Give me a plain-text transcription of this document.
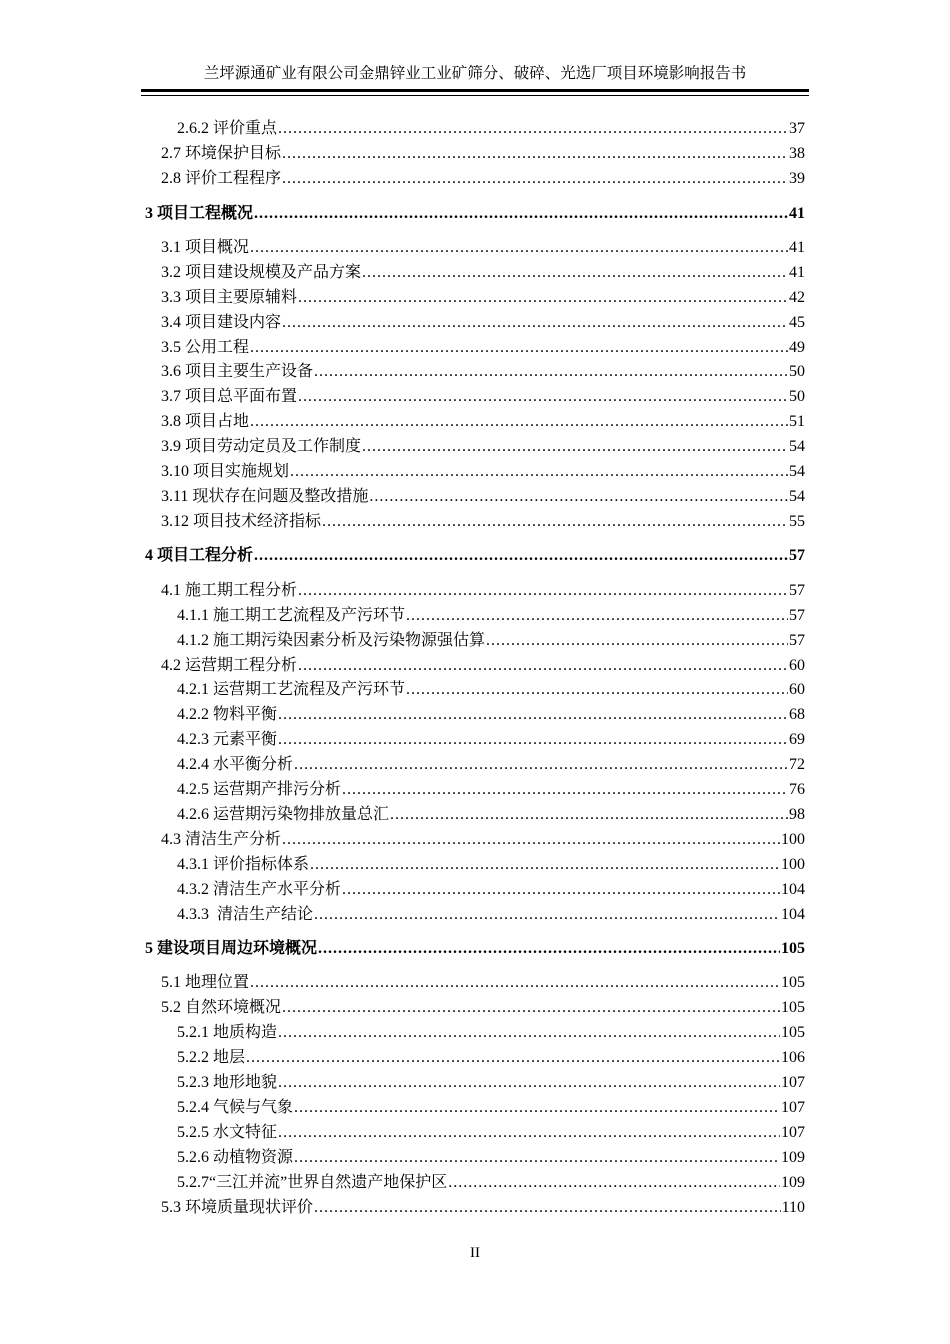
兰坪源通矿业有限公司金鼎锌业工业矿筛分、破碎、光选厂项目环境影响报告书
2.6.2 评价重点 .....	37
2.7 环境保护目标 .....	38
2.8 评价工程程序 .....	39
3 项目工程概况 .....	41
3.1 项目概况 .....	41
3.2 项目建设规模及产品方案 .....	41
3.3 项目主要原辅料 .....	42
3.4 项目建设内容 .....	45
3.5 公用工程 .....	49
3.6 项目主要生产设备 .....	50
3.7 项目总平面布置 .....	50
3.8 项目占地 .....	51
3.9 项目劳动定员及工作制度 .....	54
3.10 项目实施规划 .....	54
3.11 现状存在问题及整改措施 .....	54
3.12 项目技术经济指标 .....	55
4 项目工程分析 .....	57
4.1 施工期工程分析 .....	57
4.1.1 施工期工艺流程及产污环节 .....	57
4.1.2 施工期污染因素分析及污染物源强估算 .....	57
4.2 运营期工程分析 .....	60
4.2.1 运营期工艺流程及产污环节 .....	60
4.2.2 物料平衡 .....	68
4.2.3 元素平衡 .....	69
4.2.4 水平衡分析 .....	72
4.2.5 运营期产排污分析 .....	76
4.2.6 运营期污染物排放量总汇 .....	98
4.3 清洁生产分析 .....	100
4.3.1 评价指标体系 .....	100
4.3.2 清洁生产水平分析 .....	104
4.3.3  清洁生产结论 .....	104
5 建设项目周边环境概况 .....	105
5.1 地理位置 .....	105
5.2 自然环境概况 .....	105
5.2.1 地质构造 .....	105
5.2.2 地层 .....	106
5.2.3 地形地貌 .....	107
5.2.4 气候与气象 .....	107
5.2.5 水文特征 .....	107
5.2.6 动植物资源 .....	109
5.2.7“三江并流”世界自然遗产地保护区 .....	109
5.3 环境质量现状评价 .....	110
II
